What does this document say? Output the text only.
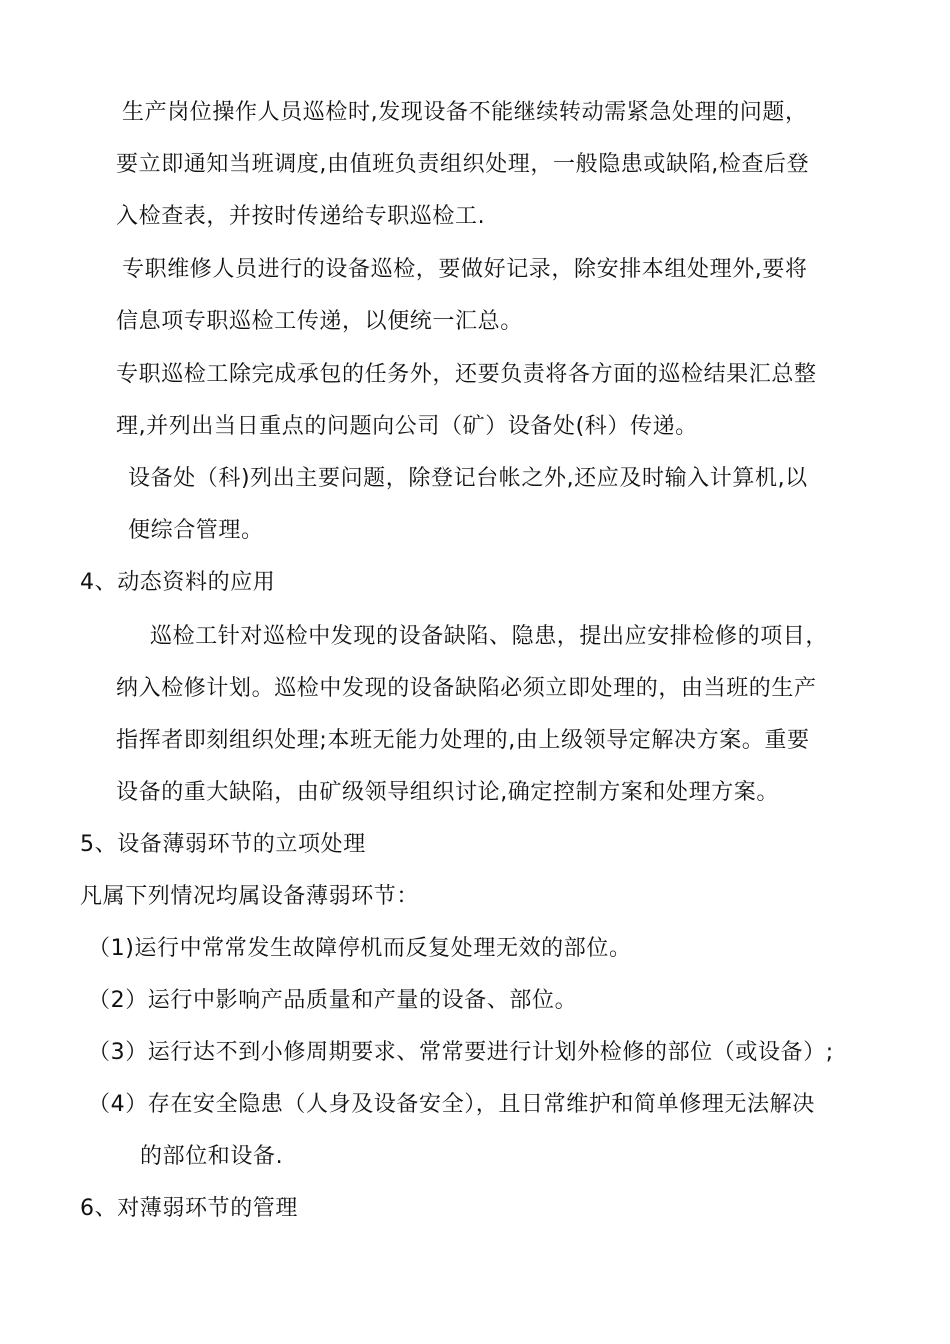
生产岗位操作人员巡检时,发现设备不能继续转动需紧急处理的问题，
要立即通知当班调度,由值班负责组织处理，一般隐患或缺陷,检查后登
入检查表，并按时传递给专职巡检工.
专职维修人员进行的设备巡检，要做好记录，除安排本组处理外,要将
信息项专职巡检工传递，以便统一汇总。
专职巡检工除完成承包的任务外，还要负责将各方面的巡检结果汇总整
理,并列出当日重点的问题向公司（矿）设备处(科）传递。
设备处（科)列出主要问题，除登记台帐之外,还应及时输入计算机,以
便综合管理。
4、动态资料的应用
巡检工针对巡检中发现的设备缺陷、隐患，提出应安排检修的项目，
纳入检修计划。巡检中发现的设备缺陷必须立即处理的，由当班的生产
指挥者即刻组织处理;本班无能力处理的,由上级领导定解决方案。重要
设备的重大缺陷，由矿级领导组织讨论,确定控制方案和处理方案。
5、设备薄弱环节的立项处理
凡属下列情况均属设备薄弱环节：
（1)运行中常常发生故障停机而反复处理无效的部位。
（2）运行中影响产品质量和产量的设备、部位。
（3）运行达不到小修周期要求、常常要进行计划外检修的部位（或设备）;
（4）存在安全隐患（人身及设备安全），且日常维护和简单修理无法解决
的部位和设备.
6、对薄弱环节的管理
